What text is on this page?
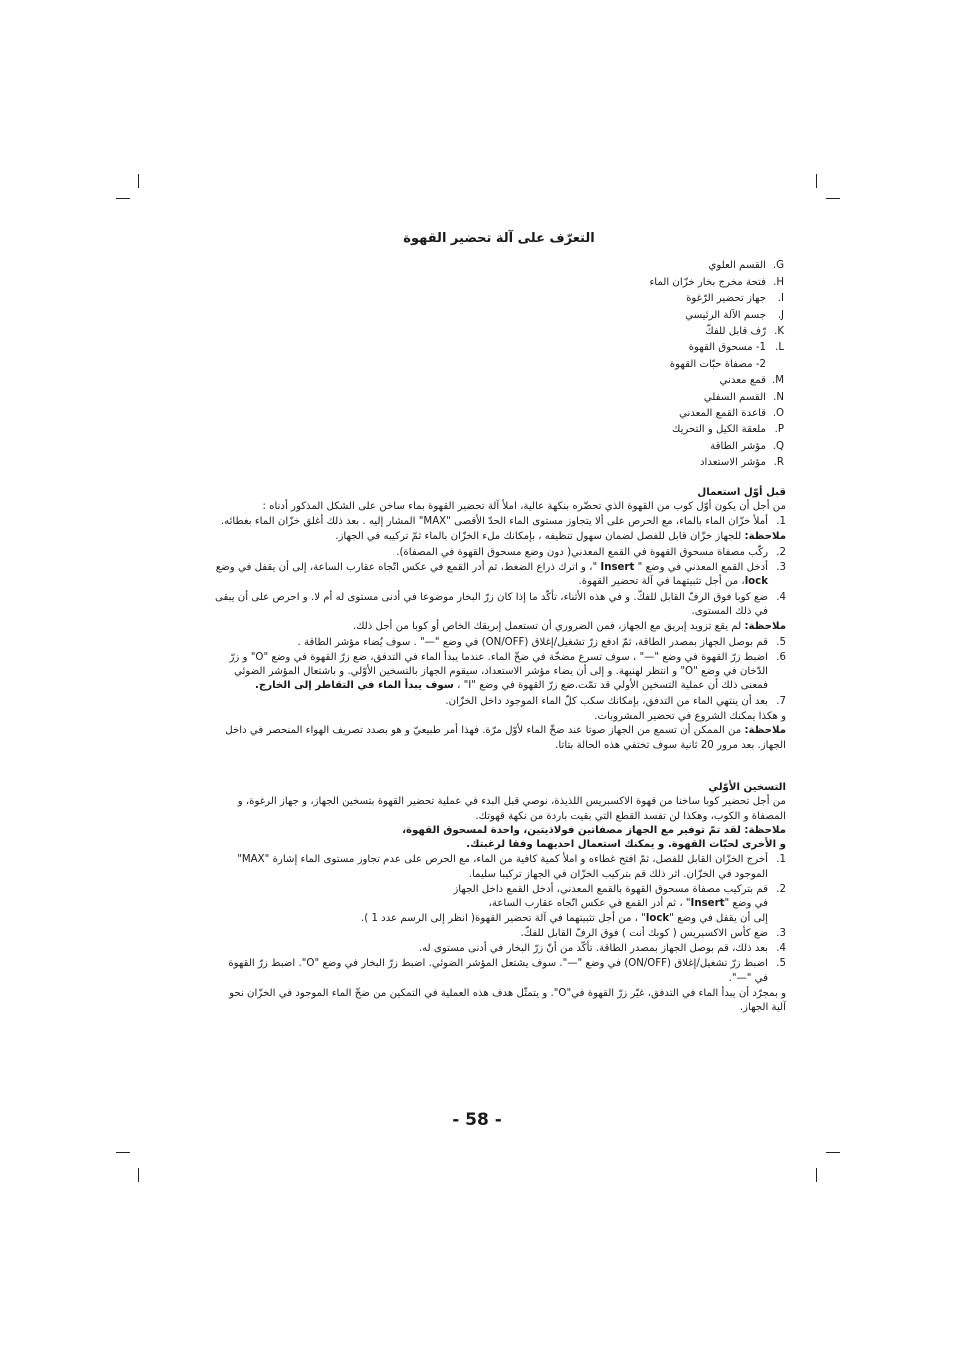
التعرّف على آلة تحضير القهوة
G.
القسم العلوي
H.
فتحة مخرج بخار خزّان الماء
I.
جهاز تحضير الرّغوة
J.
جسم الآلة الرئيسي
K.
رّف قابل للفكّ
L.
1- مسحوق القهوة
2- مصفاة حبّات القهوة
M.
قمع معدني
N.
القسم السفلي
O.
قاعدة القمع المعدني
P.
ملعقة الكيل و التحريك
Q.
مؤشر الطاقة
R.
مؤشر الاستعداد
قبل أوّل استعمال

من أجل أن يكون أوّل كوب من القهوة الذي تحضّره بنكهة عالية، املأ آلة تحضير القهوة بماء ساخن على الشكل المذكور أدناه :

1.
أملأ خزّان الماء بالماء، مع الحرص على ألا يتجاوز مستوى الماء الحدّ الأقصى "MAX" المشار إليه . بعد ذلك أغلق خزّان الماء بغطائه.

ملاحظة: للجهاز خزّان قابل للفصل لضمان سهول تنظيفه ، بإمكانك ملء الخزّان بالماء ثمّ تركيبه في الجهاز.

2.
ركّب مصفاة مسحوق القهوة في القمع المعدني( دون وضع مسحوق القهوة في المصفاة).
3.
أدخل القمع المعدني في وضع " Insert "، و اترك ذراع الضغط، ثم أدر القمع في عكس اتّجاه عقارب الساعة، إلى أن يقفل في وضع lock، من أجل تثبيتهما في آلة تحضير القهوة.
4.
ضع كوبا فوق الرفّ القابل للفكّ. و في هذه الأثناء، تأكّد ما إذا كان زرّ البخار موضوعا في أدنى مستوى له أم لا. و احرص على أن يبقى في ذلك المستوى.

ملاحظة: لم يقع تزويد إبريق مع الجهاز، فمن الضروري أن تستعمل إبريقك الخاص أو كوبا من أجل ذلك.

5.
قم بوصل الجهاز بمصدر الطاقة، ثمّ ادفع زرّ تشغيل/إغلاق (ON/OFF) في وضع "—" . سوف يُضاء مؤشر الطاقة .
6.
اضبط زرّ القهوة في وضع "—" ، سوف تسرع مضخّة في ضخّ الماء. عندما يبدأ الماء في التدفق، ضع زرّ القهوة في وضع "O" و زرّ الدّخان في وضع "O" و انتظر لهنيهة. و إلى أن يضاء مؤشر الاستعداد، سيقوم الجهاز بالتسخين الأوّلي. و باشتعال المؤشر الضوئي فمعنى ذلك أن عملية التسخين الأولي قد تمّت.ضع زرّ القهوة في وضع "I" ، سوف يبدأ الماء في التقاطر إلى الخارج.
7.
بعد أن ينتهي الماء من التدفق، بإمكانك سكب كلّ الماء الموجود داخل الخزّان.

و هكذا يمكنك الشروع في تحضير المشروبات.

ملاحظة: من الممكن أن تسمع من الجهاز صوتا عند ضخّ الماء لأوّل مرّة. فهذا أمر طبيعيّ و هو بصدد تصريف الهواء المنحصر في داخل الجهاز. بعد مرور 20 ثانية سوف تختفي هذه الحالة بتاتا.

التسخين الأوّلي

من أجل تحضير كوبا ساخنا من قهوة الاكسبريس اللذيذة، نوصي قبل البدء في عملية تحضير القهوة بتسخين الجهاز، و جهاز الرغوة، و المصفاة و الكوب، وهكذا لن تفسد القطع التي بقيت باردة من نكهة قهوتك.

ملاحظة: لقد تمّ توفير مع الجهاز مصفاتين فولاذيتين، واحدة لمسحوق القهوة،

و الأخرى لحبّات القهوة. و يمكنك استعمال احديهما وفقا لرغبتك.

1.
أخرج الخزّان القابل للفصل، ثمّ افتح غطاءه و املأ كمية كافية من الماء، مع الحرص على عدم تجاوز مستوى الماء إشارة "MAX" الموجود في الخزّان. اثر ذلك قم بتركيب الخزّان في الجهاز تركيبا سليما.
2.
قم بتركيب مصفاة مسحوق القهوة بالقمع المعدني، أدخل القمع داخل الجهاز
في وضع "Insert" ، ثم أدر القمع في عكس اتّجاه عقارب الساعة،
إلى أن يقفل في وضع "lock" ، من أجل تثبيتهما في آلة تحضير القهوة( انظر إلى الرسم عدد 1 ).
3.
ضع كأس الاكسبريس ( كوبك أنت ) فوق الرفّ القابل للفكّ.
4.
بعد ذلك، قم بوصل الجهاز بمصدر الطاقة. تأكّد من أنّ زرّ البخار في أدنى مستوى له.
5.
اضبط زرّ تشغيل/إغلاق (ON/OFF) في وضع "—". سوف يشتعل المؤشر الضوئي. اضبط زرّ البخار في وضع "O". اضبط زرّ القهوة في "—".

و بمجرّد أن يبدأ الماء في التدفق، غيّر زرّ القهوة في"O". و يتمثّل هدف هذه العملية في التمكين من ضخّ الماء الموجود في الخزّان نحو آلية الجهاز.

- 58 -
